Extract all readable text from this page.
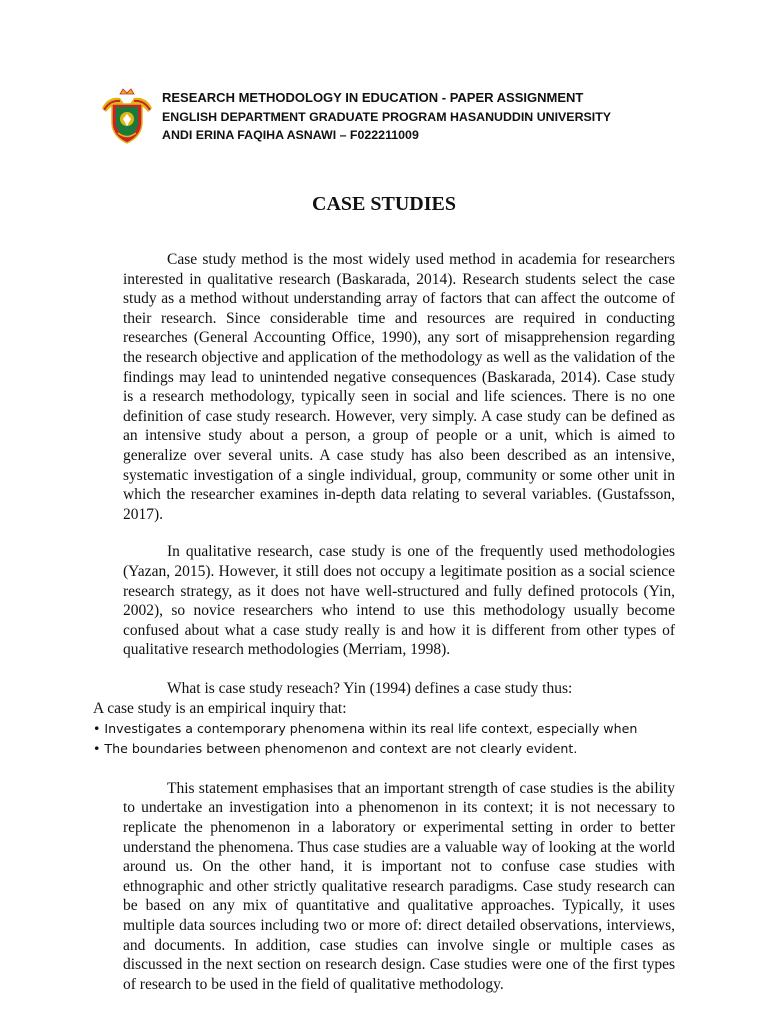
RESEARCH METHODOLOGY IN EDUCATION - PAPER ASSIGNMENT
ENGLISH DEPARTMENT GRADUATE PROGRAM HASANUDDIN UNIVERSITY
ANDI ERINA FAQIHA ASNAWI – F022211009
CASE STUDIES

Case study method is the most widely used method in academia for researchers interested in qualitative research (Baskarada, 2014). Research students select the case study as a method without understanding array of factors that can affect the outcome of their research. Since considerable time and resources are required in conducting researches (General Accounting Office, 1990), any sort of misapprehension regarding the research objective and application of the methodology as well as the validation of the findings may lead to unintended negative consequences (Baskarada, 2014). Case study is a research methodology, typically seen in social and life sciences. There is no one definition of case study research. However, very simply. A case study can be defined as an intensive study about a person, a group of people or a unit, which is aimed to generalize over several units. A case study has also been described as an intensive, systematic investigation of a single individual, group, community or some other unit in which the researcher examines in-depth data relating to several variables. (Gustafsson, 2017).

In qualitative research, case study is one of the frequently used methodologies (Yazan, 2015). However, it still does not occupy a legitimate position as a social science research strategy, as it does not have well-structured and fully defined protocols (Yin, 2002), so novice researchers who intend to use this methodology usually become confused about what a case study really is and how it is different from other types of qualitative research methodologies (Merriam, 1998).

What is case study reseach? Yin (1994) defines a case study thus:

A case study is an empirical inquiry that:

• Investigates a contemporary phenomena within its real life context, especially when

• The boundaries between phenomenon and context are not clearly evident.

This statement emphasises that an important strength of case studies is the ability to undertake an investigation into a phenomenon in its context; it is not necessary to replicate the phenomenon in a laboratory or experimental setting in order to better understand the phenomena. Thus case studies are a valuable way of looking at the world around us. On the other hand, it is important not to confuse case studies with ethnographic and other strictly qualitative research paradigms. Case study research can be based on any mix of quantitative and qualitative approaches. Typically, it uses multiple data sources including two or more of: direct detailed observations, interviews, and documents. In addition, case studies can involve single or multiple cases as discussed in the next section on research design. Case studies were one of the first types of research to be used in the field of qualitative methodology.
